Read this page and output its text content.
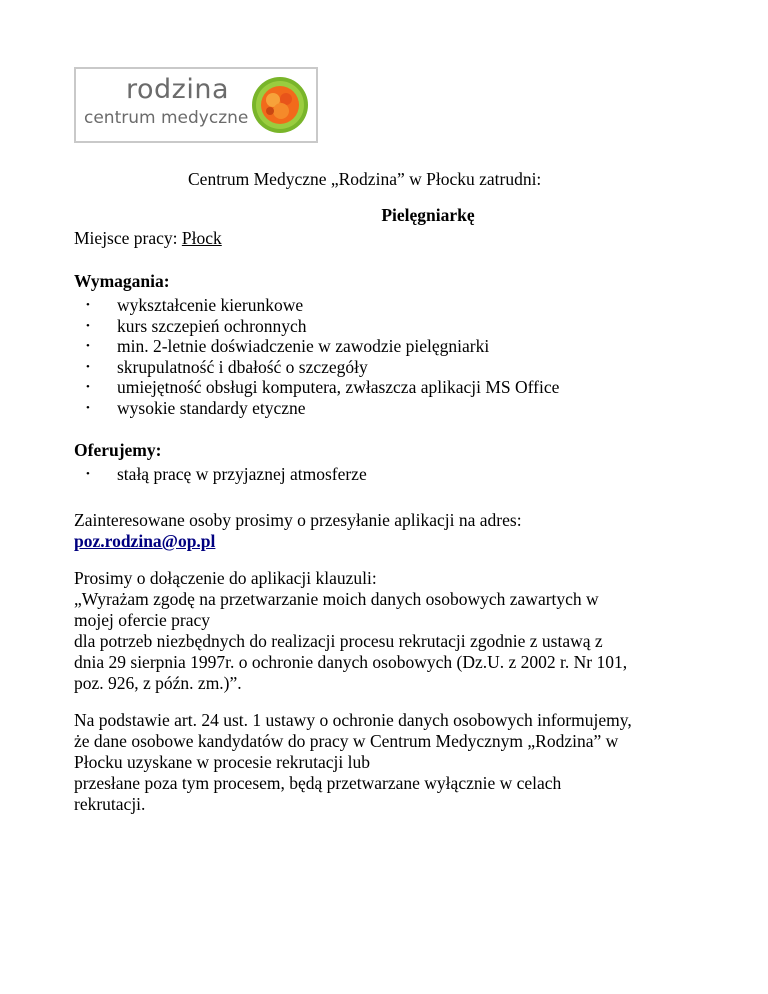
rodzina
centrum medyczne
Centrum Medyczne „Rodzina” w Płocku zatrudni:
Pielęgniarkę
Miejsce pracy: Płock
Wymagania:
• wykształcenie kierunkowe
• kurs szczepień ochronnych
• min. 2-letnie doświadczenie w zawodzie pielęgniarki
• skrupulatność i dbałość o szczegóły
• umiejętność obsługi komputera, zwłaszcza aplikacji MS Office
• wysokie standardy etyczne
Oferujemy:
• stałą pracę w przyjaznej atmosferze
Zainteresowane osoby prosimy o przesyłanie aplikacji na adres:
poz.rodzina@op.pl
Prosimy o dołączenie do aplikacji klauzuli:
„Wyrażam zgodę na przetwarzanie moich danych osobowych zawartych w
mojej ofercie pracy
dla potrzeb niezbędnych do realizacji procesu rekrutacji zgodnie z ustawą z
dnia 29 sierpnia 1997r. o ochronie danych osobowych (Dz.U. z 2002 r. Nr 101,
poz. 926, z późn. zm.)”.
Na podstawie art. 24 ust. 1 ustawy o ochronie danych osobowych informujemy,
że dane osobowe kandydatów do pracy w Centrum Medycznym „Rodzina” w
Płocku uzyskane w procesie rekrutacji lub
przesłane poza tym procesem, będą przetwarzane wyłącznie w celach
rekrutacji.
